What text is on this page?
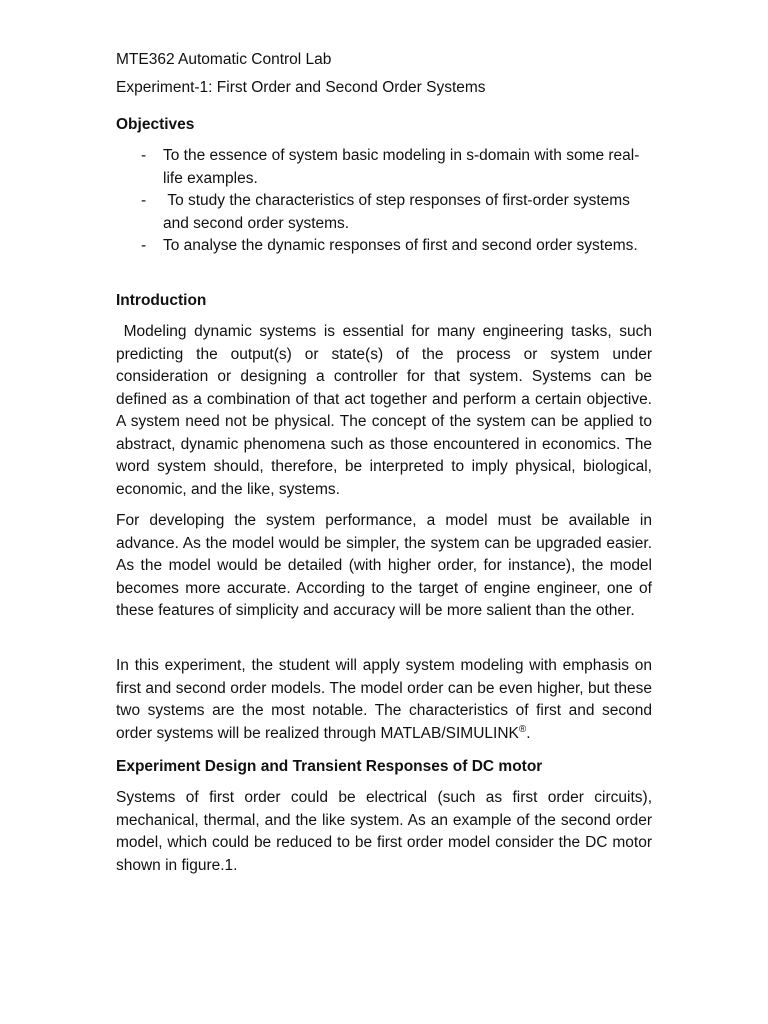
MTE362 Automatic Control Lab
Experiment-1: First Order and Second Order Systems
Objectives
- To the essence of system basic modeling in s-domain with some real-life examples.
- To study the characteristics of step responses of first-order systems and second order systems.
- To analyse the dynamic responses of first and second order systems.
Introduction

Modeling dynamic systems is essential for many engineering tasks, such predicting the output(s) or state(s) of the process or system under consideration or designing a controller for that system. Systems can be defined as a combination of that act together and perform a certain objective. A system need not be physical. The concept of the system can be applied to abstract, dynamic phenomena such as those encountered in economics. The word system should, therefore, be interpreted to imply physical, biological, economic, and the like, systems.

For developing the system performance, a model must be available in advance. As the model would be simpler, the system can be upgraded easier. As the model would be detailed (with higher order, for instance), the model becomes more accurate. According to the target of engine engineer, one of these features of simplicity and accuracy will be more salient than the other.

In this experiment, the student will apply system modeling with emphasis on first and second order models. The model order can be even higher, but these two systems are the most notable. The characteristics of first and second order systems will be realized through MATLAB/SIMULINK®.

Experiment Design and Transient Responses of DC motor

Systems of first order could be electrical (such as first order circuits), mechanical, thermal, and the like system. As an example of the second order model, which could be reduced to be first order model consider the DC motor shown in figure.1.
